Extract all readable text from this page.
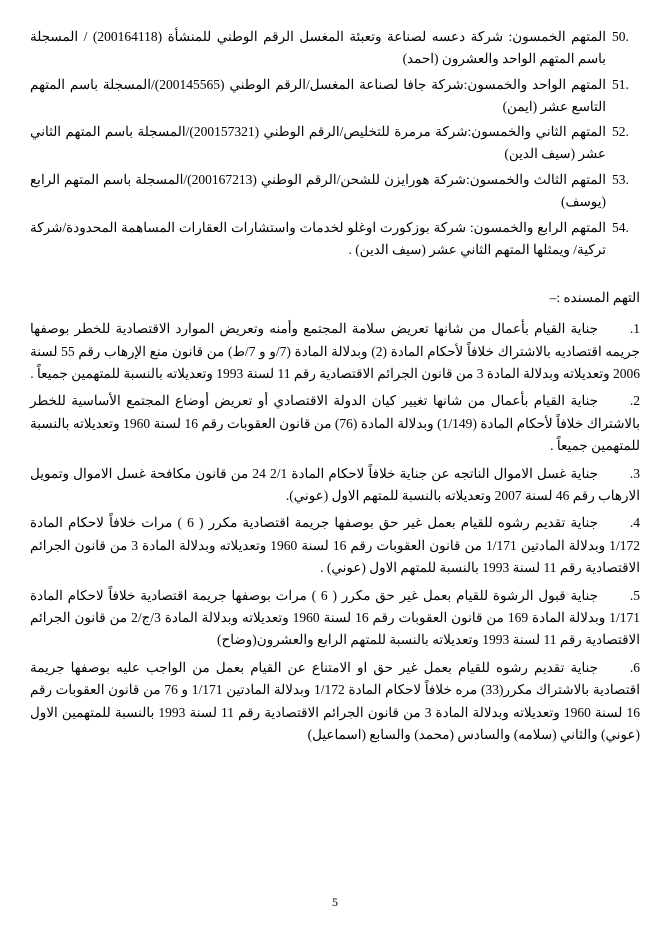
50.
المتهم الخمسون: شركة دعسه لصناعة وتعبئة المغسل الرقم الوطني للمنشأة (200164118) / المسجلة باسم المتهم الواحد والعشرون (احمد)
51.
المتهم الواحد والخمسون:شركة جافا لصناعة المغسل/الرقم الوطني (200145565)/المسجلة باسم المتهم التاسع عشر (ايمن)
52.
المتهم الثاني والخمسون:شركة مرمرة للتخليص/الرقم الوطني (200157321)/المسجلة باسم المتهم الثاني عشر (سيف الدين)
53.
المتهم الثالث والخمسون:شركة هورايزن للشحن/الرقم الوطني (200167213)/المسجلة باسم المتهم الرابع (يوسف)
54.
المتهم الرابع والخمسون: شركة بوزكورت اوغلو لخدمات واستشارات العقارات المساهمة المحدودة/شركة تركية/ ويمثلها المتهم الثاني عشر (سيف الدين) .
التهم المسنده :–
.1جناية القيام بأعمال من شانها تعريض سلامة المجتمع وأمنه وتعريض الموارد الاقتصادية للخطر بوصفها جريمه اقتصاديه بالاشتراك خلافاً لأحكام المادة (2) وبدلالة المادة (7/و و 7/ط) من قانون منع الإرهاب رقم 55 لسنة 2006 وتعديلاته وبدلالة المادة 3 من قانون الجرائم الاقتصادية رقم 11 لسنة 1993 وتعديلاته بالنسبة للمتهمين جميعاً .
.2جناية القيام بأعمال من شانها تغيير كيان الدولة الاقتصادي أو تعريض أوضاع المجتمع الأساسية للخطر بالاشتراك خلافاً لأحكام المادة (1/149) وبدلالة المادة (76) من قانون العقوبات رقم 16 لسنة 1960 وتعديلاته بالنسبة للمتهمين جميعاً .
.3جناية غسل الاموال الناتجه عن جناية خلافاً لاحكام المادة 2/1 24 من قانون مكافحة غسل الاموال وتمويل الارهاب رقم 46 لسنة 2007 وتعديلاته بالنسبة للمتهم الاول (عوني).
.4جناية تقديم رشوه للقيام بعمل غير حق بوصفها جريمة اقتصادية مكرر ( 6 ) مرات خلافاً لاحكام المادة 1/172 وبدلالة المادتين 1/171 من قانون العقوبات رقم 16 لسنة 1960 وتعديلاته وبدلالة المادة 3 من قانون الجرائم الاقتصادية رقم 11 لسنة 1993 بالنسبة للمتهم الاول (عوني) .
.5جناية قبول الرشوة للقيام بعمل غير حق مكرر ( 6 ) مرات بوصفها جريمة اقتصادية خلافاً لاحكام المادة 1/171 وبدلالة المادة 169 من قانون العقوبات رقم 16 لسنة 1960 وتعديلاته وبدلالة المادة 3/ج/2 من قانون الجرائم الاقتصادية رقم 11 لسنة 1993 وتعديلاته بالنسبة للمتهم الرابع والعشرون(وضاح)
.6جناية تقديم رشوه للقيام بعمل غير حق او الامتناع عن القيام بعمل من الواجب عليه بوصفها جريمة اقتصادية بالاشتراك مكرر(33) مره خلافاً لاحكام المادة 1/172 وبدلالة المادتين 1/171 و 76 من قانون العقوبات رقم 16 لسنة 1960 وتعديلاته وبدلالة المادة 3 من قانون الجرائم الاقتصادية رقم 11 لسنة 1993 بالنسبة للمتهمين الاول (عوني) والثاني (سلامه) والسادس (محمد) والسابع (اسماعيل)
5
